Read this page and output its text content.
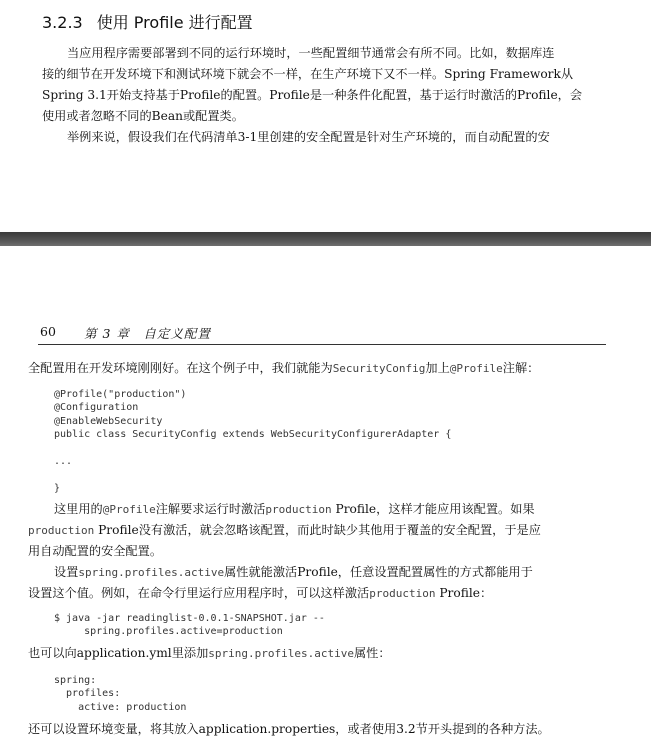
3.2.3 使用 Profile 进行配置
当应用程序需要部署到不同的运行环境时，一些配置细节通常会有所不同。比如，数据库连
接的细节在开发环境下和测试环境下就会不一样，在生产环境下又不一样。Spring Framework从
Spring 3.1开始支持基于Profile的配置。Profile是一种条件化配置，基于运行时激活的Profile，会
使用或者忽略不同的Bean或配置类。
举例来说，假设我们在代码清单3-1里创建的安全配置是针对生产环境的，而自动配置的安
60 第 3 章　自定义配置
全配置用在开发环境刚刚好。在这个例子中，我们就能为SecurityConfig加上@Profile注解：
@Profile("production")
@Configuration
@EnableWebSecurity
public class SecurityConfig extends WebSecurityConfigurerAdapter {

...

}
这里用的@Profile注解要求运行时激活production Profile，这样才能应用该配置。如果
production Profile没有激活，就会忽略该配置，而此时缺少其他用于覆盖的安全配置，于是应
用自动配置的安全配置。
设置spring.profiles.active属性就能激活Profile，任意设置配置属性的方式都能用于
设置这个值。例如，在命令行里运行应用程序时，可以这样激活production Profile：
$ java -jar readinglist-0.0.1-SNAPSHOT.jar --
spring.profiles.active=production
也可以向application.yml里添加spring.profiles.active属性：
spring:
profiles:
active: production
还可以设置环境变量，将其放入application.properties，或者使用3.2节开头提到的各种方法。
